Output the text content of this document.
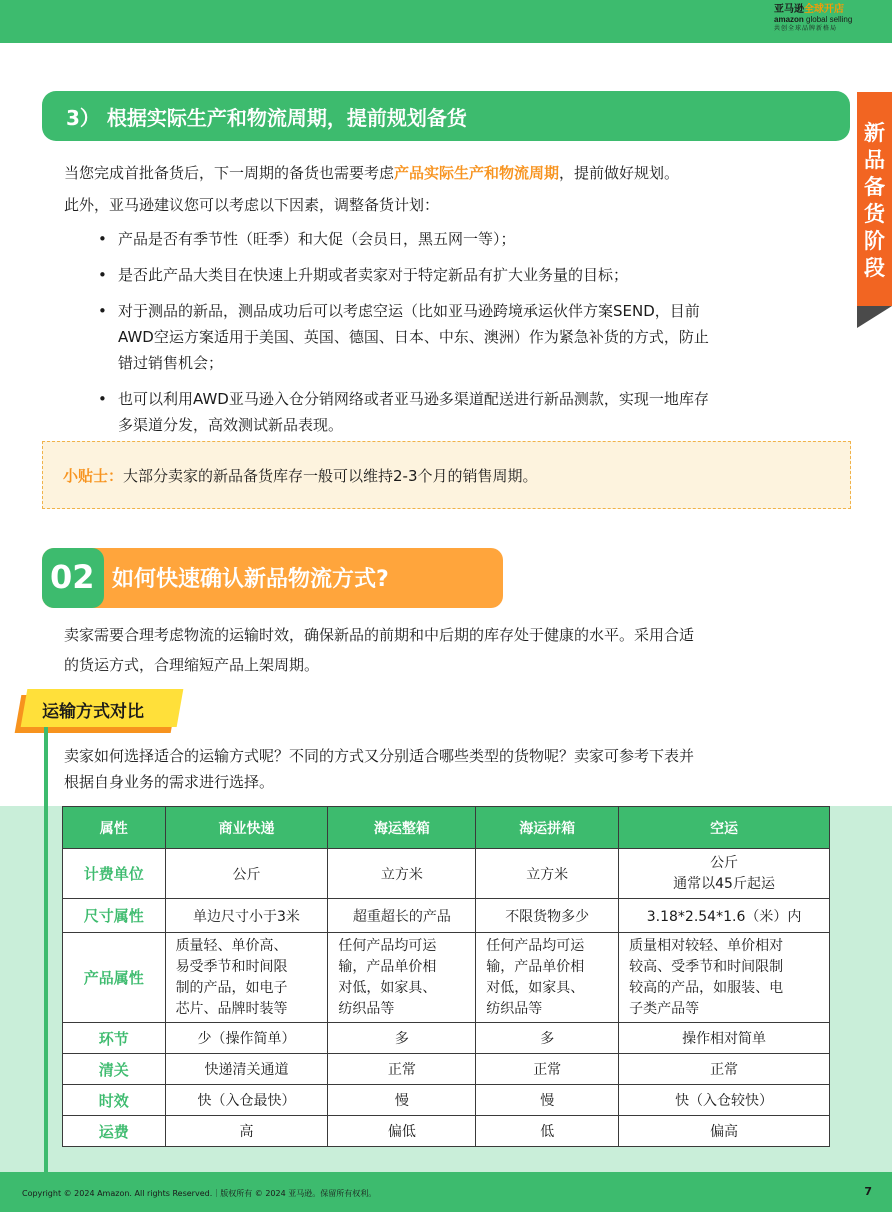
亚马逊全球开店
amazon global selling
共创全球品牌新格局
新
品
备
货
阶
段
3） 根据实际生产和物流周期，提前规划备货
当您完成首批备货后，下一周期的备货也需要考虑产品实际生产和物流周期，提前做好规划。
此外，亚马逊建议您可以考虑以下因素，调整备货计划：
• 产品是否有季节性（旺季）和大促（会员日，黑五网一等）；
• 是否此产品大类目在快速上升期或者卖家对于特定新品有扩大业务量的目标；
• 对于测品的新品，测品成功后可以考虑空运（比如亚马逊跨境承运伙伴方案SEND，目前
AWD空运方案适用于美国、英国、德国、日本、中东、澳洲）作为紧急补货的方式，防止
错过销售机会；
• 也可以利用AWD亚马逊入仓分销网络或者亚马逊多渠道配送进行新品测款，实现一地库存
多渠道分发，高效测试新品表现。
小贴士：大部分卖家的新品备货库存一般可以维持2-3个月的销售周期。
02 如何快速确认新品物流方式?
卖家需要合理考虑物流的运输时效，确保新品的前期和中后期的库存处于健康的水平。采用合适
的货运方式，合理缩短产品上架周期。
运输方式对比
卖家如何选择适合的运输方式呢？不同的方式又分别适合哪些类型的货物呢？卖家可参考下表并
根据自身业务的需求进行选择。
属性	商业快递	海运整箱	海运拼箱	空运
计费单位	公斤	立方米	立方米	公斤
通常以45斤起运

尺寸属性	单边尺寸小于3米	超重超长的产品	不限货物多少	3.18*2.54*1.6（米）内
产品属性	质量轻、单价高、
易受季节和时间限
制的产品，如电子
芯片、品牌时装等	任何产品均可运
输，产品单价相
对低，如家具、
纺织品等	任何产品均可运
输，产品单价相
对低，如家具、
纺织品等	质量相对较轻、单价相对
较高、受季节和时间限制
较高的产品，如服装、电
子类产品等

环节	少（操作简单）	多	多	操作相对简单
清关	快递清关通道	正常	正常	正常
时效	快（入仓最快）	慢	慢	快（入仓较快）
运费	高	偏低	低	偏高
Copyright © 2024 Amazon. All rights Reserved.｜版权所有 © 2024 亚马逊。保留所有权利。	7
